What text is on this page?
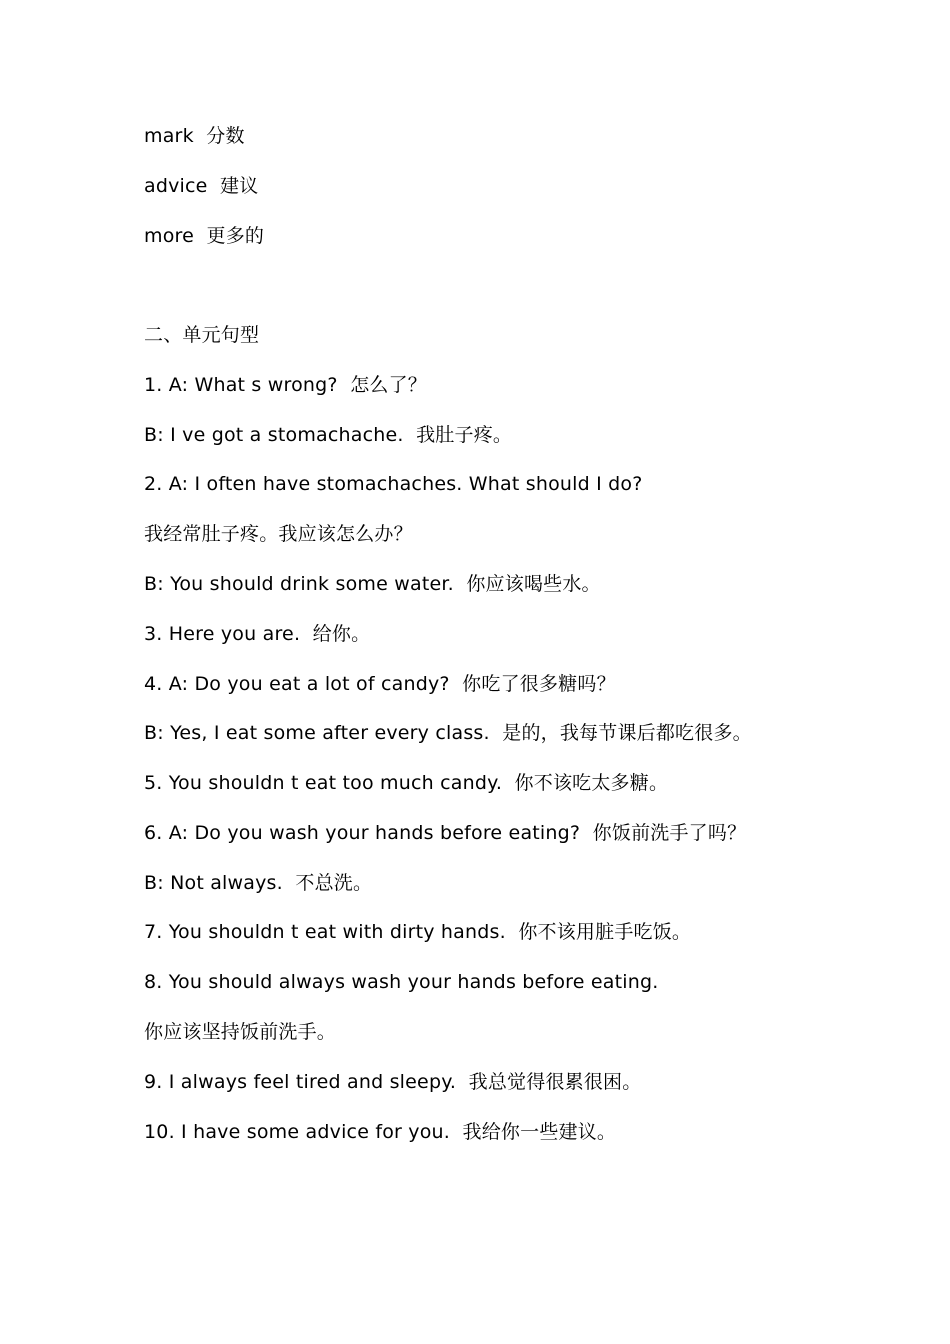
mark  分数
advice  建议
more  更多的
二、单元句型
1. A: What s wrong?  怎么了？
B: I ve got a stomachache.  我肚子疼。
2. A: I often have stomachaches. What should I do?
我经常肚子疼。我应该怎么办？
B: You should drink some water.  你应该喝些水。
3. Here you are.  给你。
4. A: Do you eat a lot of candy?  你吃了很多糖吗？
B: Yes, I eat some after every class.  是的，我每节课后都吃很多。
5. You shouldn t eat too much candy.  你不该吃太多糖。
6. A: Do you wash your hands before eating?  你饭前洗手了吗？
B: Not always.  不总洗。
7. You shouldn t eat with dirty hands.  你不该用脏手吃饭。
8. You should always wash your hands before eating.
你应该坚持饭前洗手。
9. I always feel tired and sleepy.  我总觉得很累很困。
10. I have some advice for you.  我给你一些建议。
